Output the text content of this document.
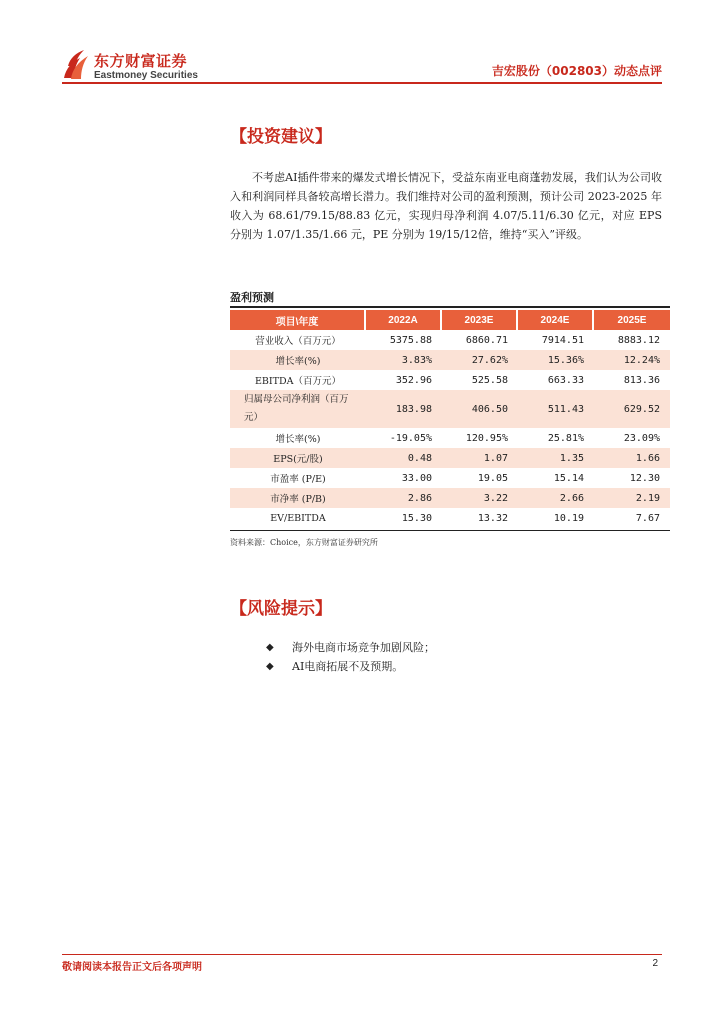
东方财富证券
Eastmoney Securities	吉宏股份（002803）动态点评
【投资建议】

不考虑AI插件带来的爆发式增长情况下，受益东南亚电商蓬勃发展，我们认为公司收入和利润同样具备较高增长潜力。我们维持对公司的盈利预测，预计公司 2023-2025 年收入为 68.61/79.15/88.83 亿元，实现归母净利润 4.07/5.11/6.30 亿元，对应 EPS 分别为 1.07/1.35/1.66 元，PE 分别为 19/15/12倍，维持“买入”评级。

盈利预测
项目\年度	2022A	2023E	2024E	2025E
营业收入（百万元）	5375.88	6860.71	7914.51	8883.12
增长率(%)	3.83%	27.62%	15.36%	12.24%
EBITDA（百万元）	352.96	525.58	663.33	813.36
归属母公司净利润（百万元）	183.98	406.50	511.43	629.52
增长率(%)	-19.05%	120.95%	25.81%	23.09%
EPS(元/股)	0.48	1.07	1.35	1.66
市盈率 (P/E)	33.00	19.05	15.14	12.30
市净率 (P/B)	2.86	3.22	2.66	2.19
EV/EBITDA	15.30	13.32	10.19	7.67
资料来源：Choice，东方财富证券研究所
【风险提示】
◆ 海外电商市场竞争加剧风险；
◆ AI电商拓展不及预期。
敬请阅读本报告正文后各项声明	2
